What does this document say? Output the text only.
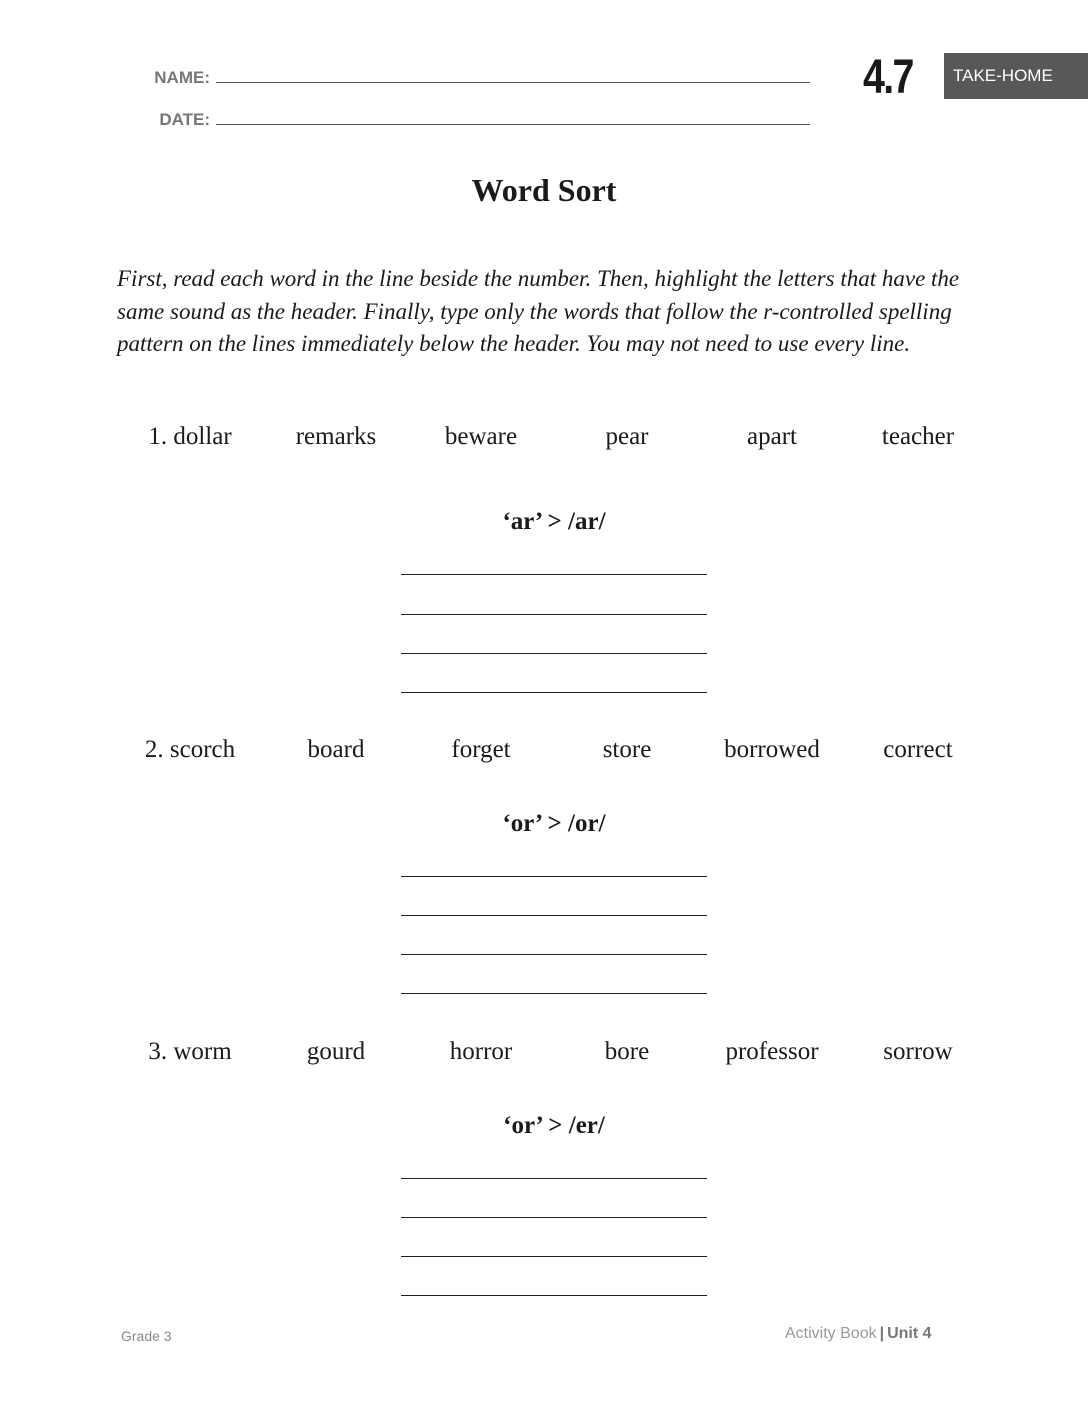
NAME:
DATE:
4.7	TAKE-HOME
Word Sort
First, read each word in the line beside the number. Then, highlight the letters that have the same sound as the header. Finally, type only the words that follow the r-controlled spelling pattern on the lines immediately below the header. You may not need to use every line.
1. dollar	remarks	beware	pear	apart	teacher
‘ar’ > /ar/
2. scorch	board	forget	store	borrowed	correct
‘or’ > /or/
3. worm	gourd	horror	bore	professor	sorrow
‘or’ > /er/
Grade 3	Activity Book | Unit 4
